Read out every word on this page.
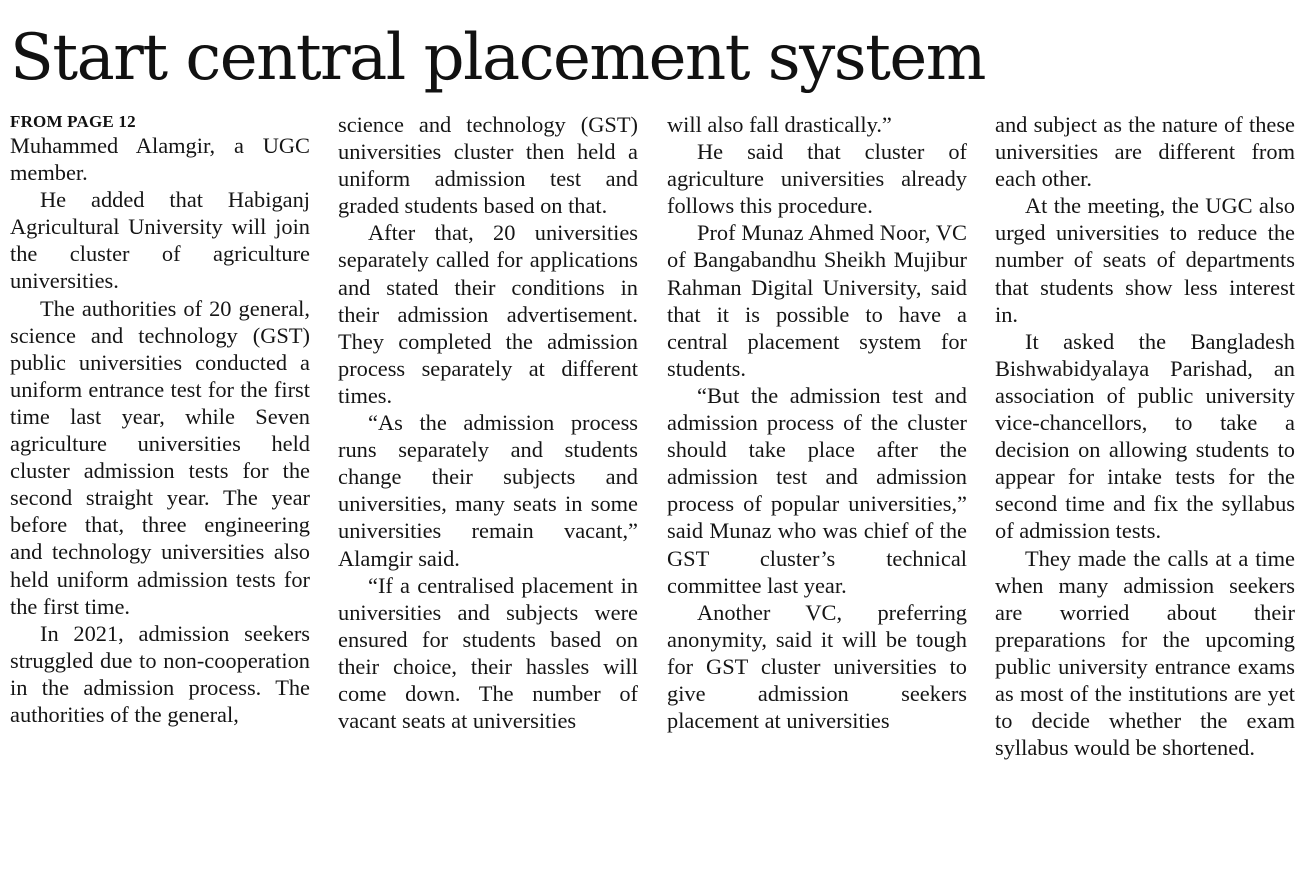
Start central placement system
FROM PAGE 12

Muhammed Alamgir, a UGC member.

He added that Habiganj Agricultural University will join the cluster of agriculture universities.

The authorities of 20 general, science and technology (GST) public universities conducted a uniform entrance test for the first time last year, while Seven agriculture universities held cluster admission tests for the second straight year. The year before that, three engineering and technology universities also held uniform admission tests for the first time.

In 2021, admission seekers struggled due to non-cooperation in the admission process. The authorities of the general,

science and technology (GST) universities cluster then held a uniform admission test and graded students based on that.

After that, 20 universities separately called for applications and stated their conditions in their admission advertisement. They completed the admission process separately at different times.

“As the admission process runs separately and students change their subjects and universities, many seats in some universities remain vacant,” Alamgir said.

“If a centralised placement in universities and subjects were ensured for students based on their choice, their hassles will come down. The number of vacant seats at universities

will also fall drastically.”

He said that cluster of agriculture universities already follows this procedure.

Prof Munaz Ahmed Noor, VC of Bangabandhu Sheikh Mujibur Rahman Digital University, said that it is possible to have a central placement system for students.

“But the admission test and admission process of the cluster should take place after the admission test and admission process of popular universities,” said Munaz who was chief of the GST cluster’s technical committee last year.

Another VC, preferring anonymity, said it will be tough for GST cluster universities to give admission seekers placement at universities

and subject as the nature of these universities are different from each other.

At the meeting, the UGC also urged universities to reduce the number of seats of departments that students show less interest in.

It asked the Bangladesh Bishwabidyalaya Parishad, an association of public university vice-chancellors, to take a decision on allowing students to appear for intake tests for the second time and fix the syllabus of admission tests.

They made the calls at a time when many admission seekers are worried about their preparations for the upcoming public university entrance exams as most of the institutions are yet to decide whether the exam syllabus would be shortened.
